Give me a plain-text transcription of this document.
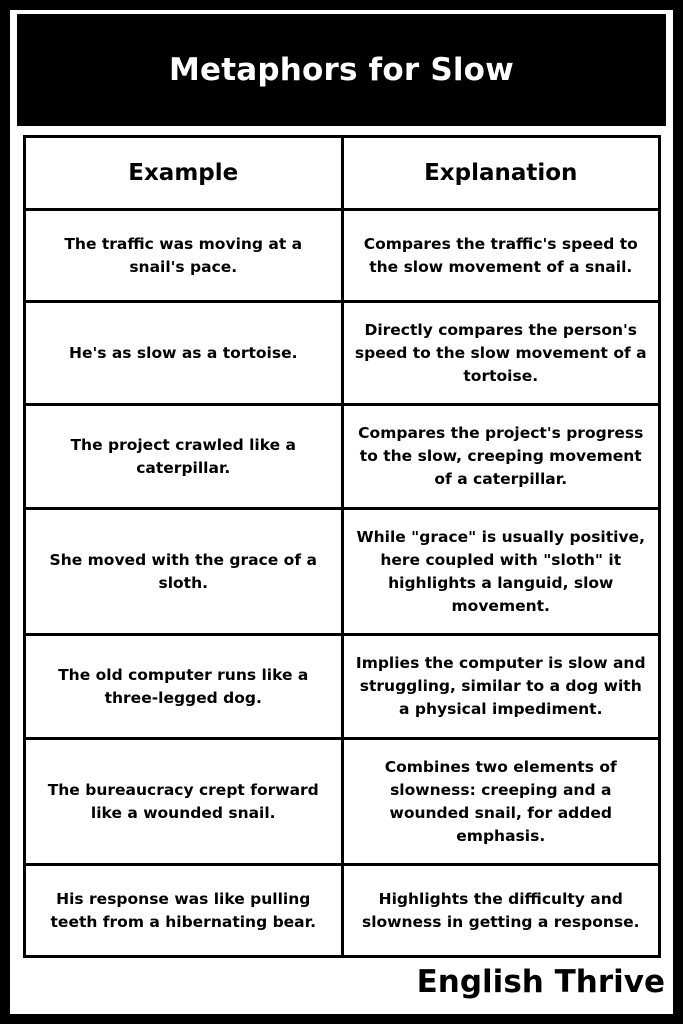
Metaphors for Slow
Example	Explanation
The traffic was moving at a snail's pace.	Compares the traffic's speed to the slow movement of a snail.
He's as slow as a tortoise.	Directly compares the person's speed to the slow movement of a tortoise.
The project crawled like a caterpillar.	Compares the project's progress to the slow, creeping movement of a caterpillar.
She moved with the grace of a sloth.	While "grace" is usually positive, here coupled with "sloth" it highlights a languid, slow movement.
The old computer runs like a three-legged dog.	Implies the computer is slow and struggling, similar to a dog with a physical impediment.
The bureaucracy crept forward like a wounded snail.	Combines two elements of slowness: creeping and a wounded snail, for added emphasis.
His response was like pulling teeth from a hibernating bear.	Highlights the difficulty and slowness in getting a response.
English Thrive
